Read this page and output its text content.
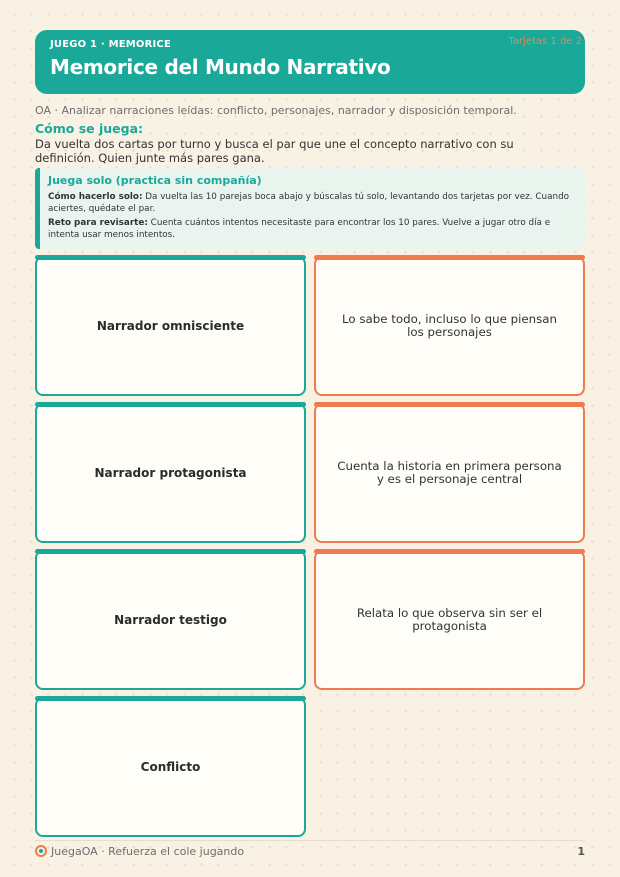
JUEGO 1 · MEMORICE
Memorice del Mundo Narrativo
Tarjetas 1 de 2
OA · Analizar narraciones leídas: conflicto, personajes, narrador y disposición temporal.
Cómo se juega:
Da vuelta dos cartas por turno y busca el par que une el concepto narrativo con su definición. Quien junte más pares gana.
Juega solo (practica sin compañía)

Cómo hacerlo solo: Da vuelta las 10 parejas boca abajo y búscalas tú solo, levantando dos tarjetas por vez. Cuando aciertes, quédate el par.

Reto para revisarte: Cuenta cuántos intentos necesitaste para encontrar los 10 pares. Vuelve a jugar otro día e intenta usar menos intentos.

Narrador omnisciente	Lo sabe todo, incluso lo que piensan los personajes
Narrador protagonista	Cuenta la historia en primera persona y es el personaje central
Narrador testigo	Relata lo que observa sin ser el protagonista
Conflicto
JuegaOA · Refuerza el cole jugando	1
